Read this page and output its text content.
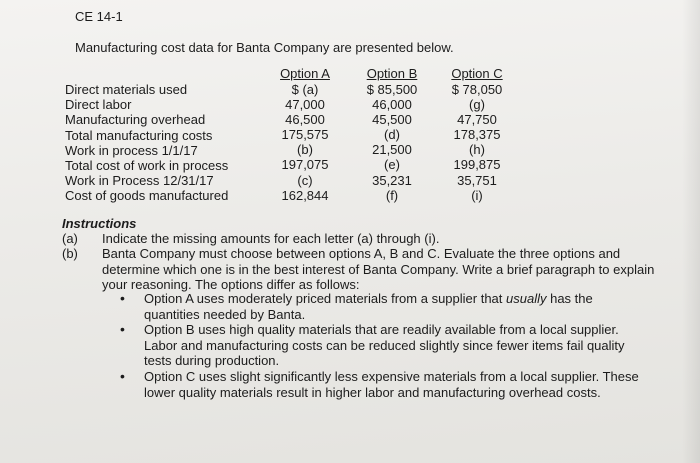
CE 14-1
Manufacturing cost data for Banta Company are presented below.
Direct materials used
Direct labor
Manufacturing overhead
Total manufacturing costs
Work in process 1/1/17
Total cost of work in process
Work in Process 12/31/17
Cost of goods manufactured
Option A
$ (a)
47,000
46,500
175,575
(b)
197,075
(c)
162,844
Option B
$ 85,500
46,000
45,500
(d)
21,500
(e)
35,231
(f)
Option C
$ 78,050
(g)
47,750
178,375
(h)
199,875
35,751
(i)
Instructions
(a) Indicate the missing amounts for each letter (a) through (i).
(b) Banta Company must choose between options A, B and C. Evaluate the three options and determine which one is in the best interest of Banta Company. Write a brief paragraph to explain your reasoning. The options differ as follows:
• Option A uses moderately priced materials from a supplier that usually has the quantities needed by Banta.
• Option B uses high quality materials that are readily available from a local supplier. Labor and manufacturing costs can be reduced slightly since fewer items fail quality tests during production.
• Option C uses slight significantly less expensive materials from a local supplier. These lower quality materials result in higher labor and manufacturing overhead costs.
